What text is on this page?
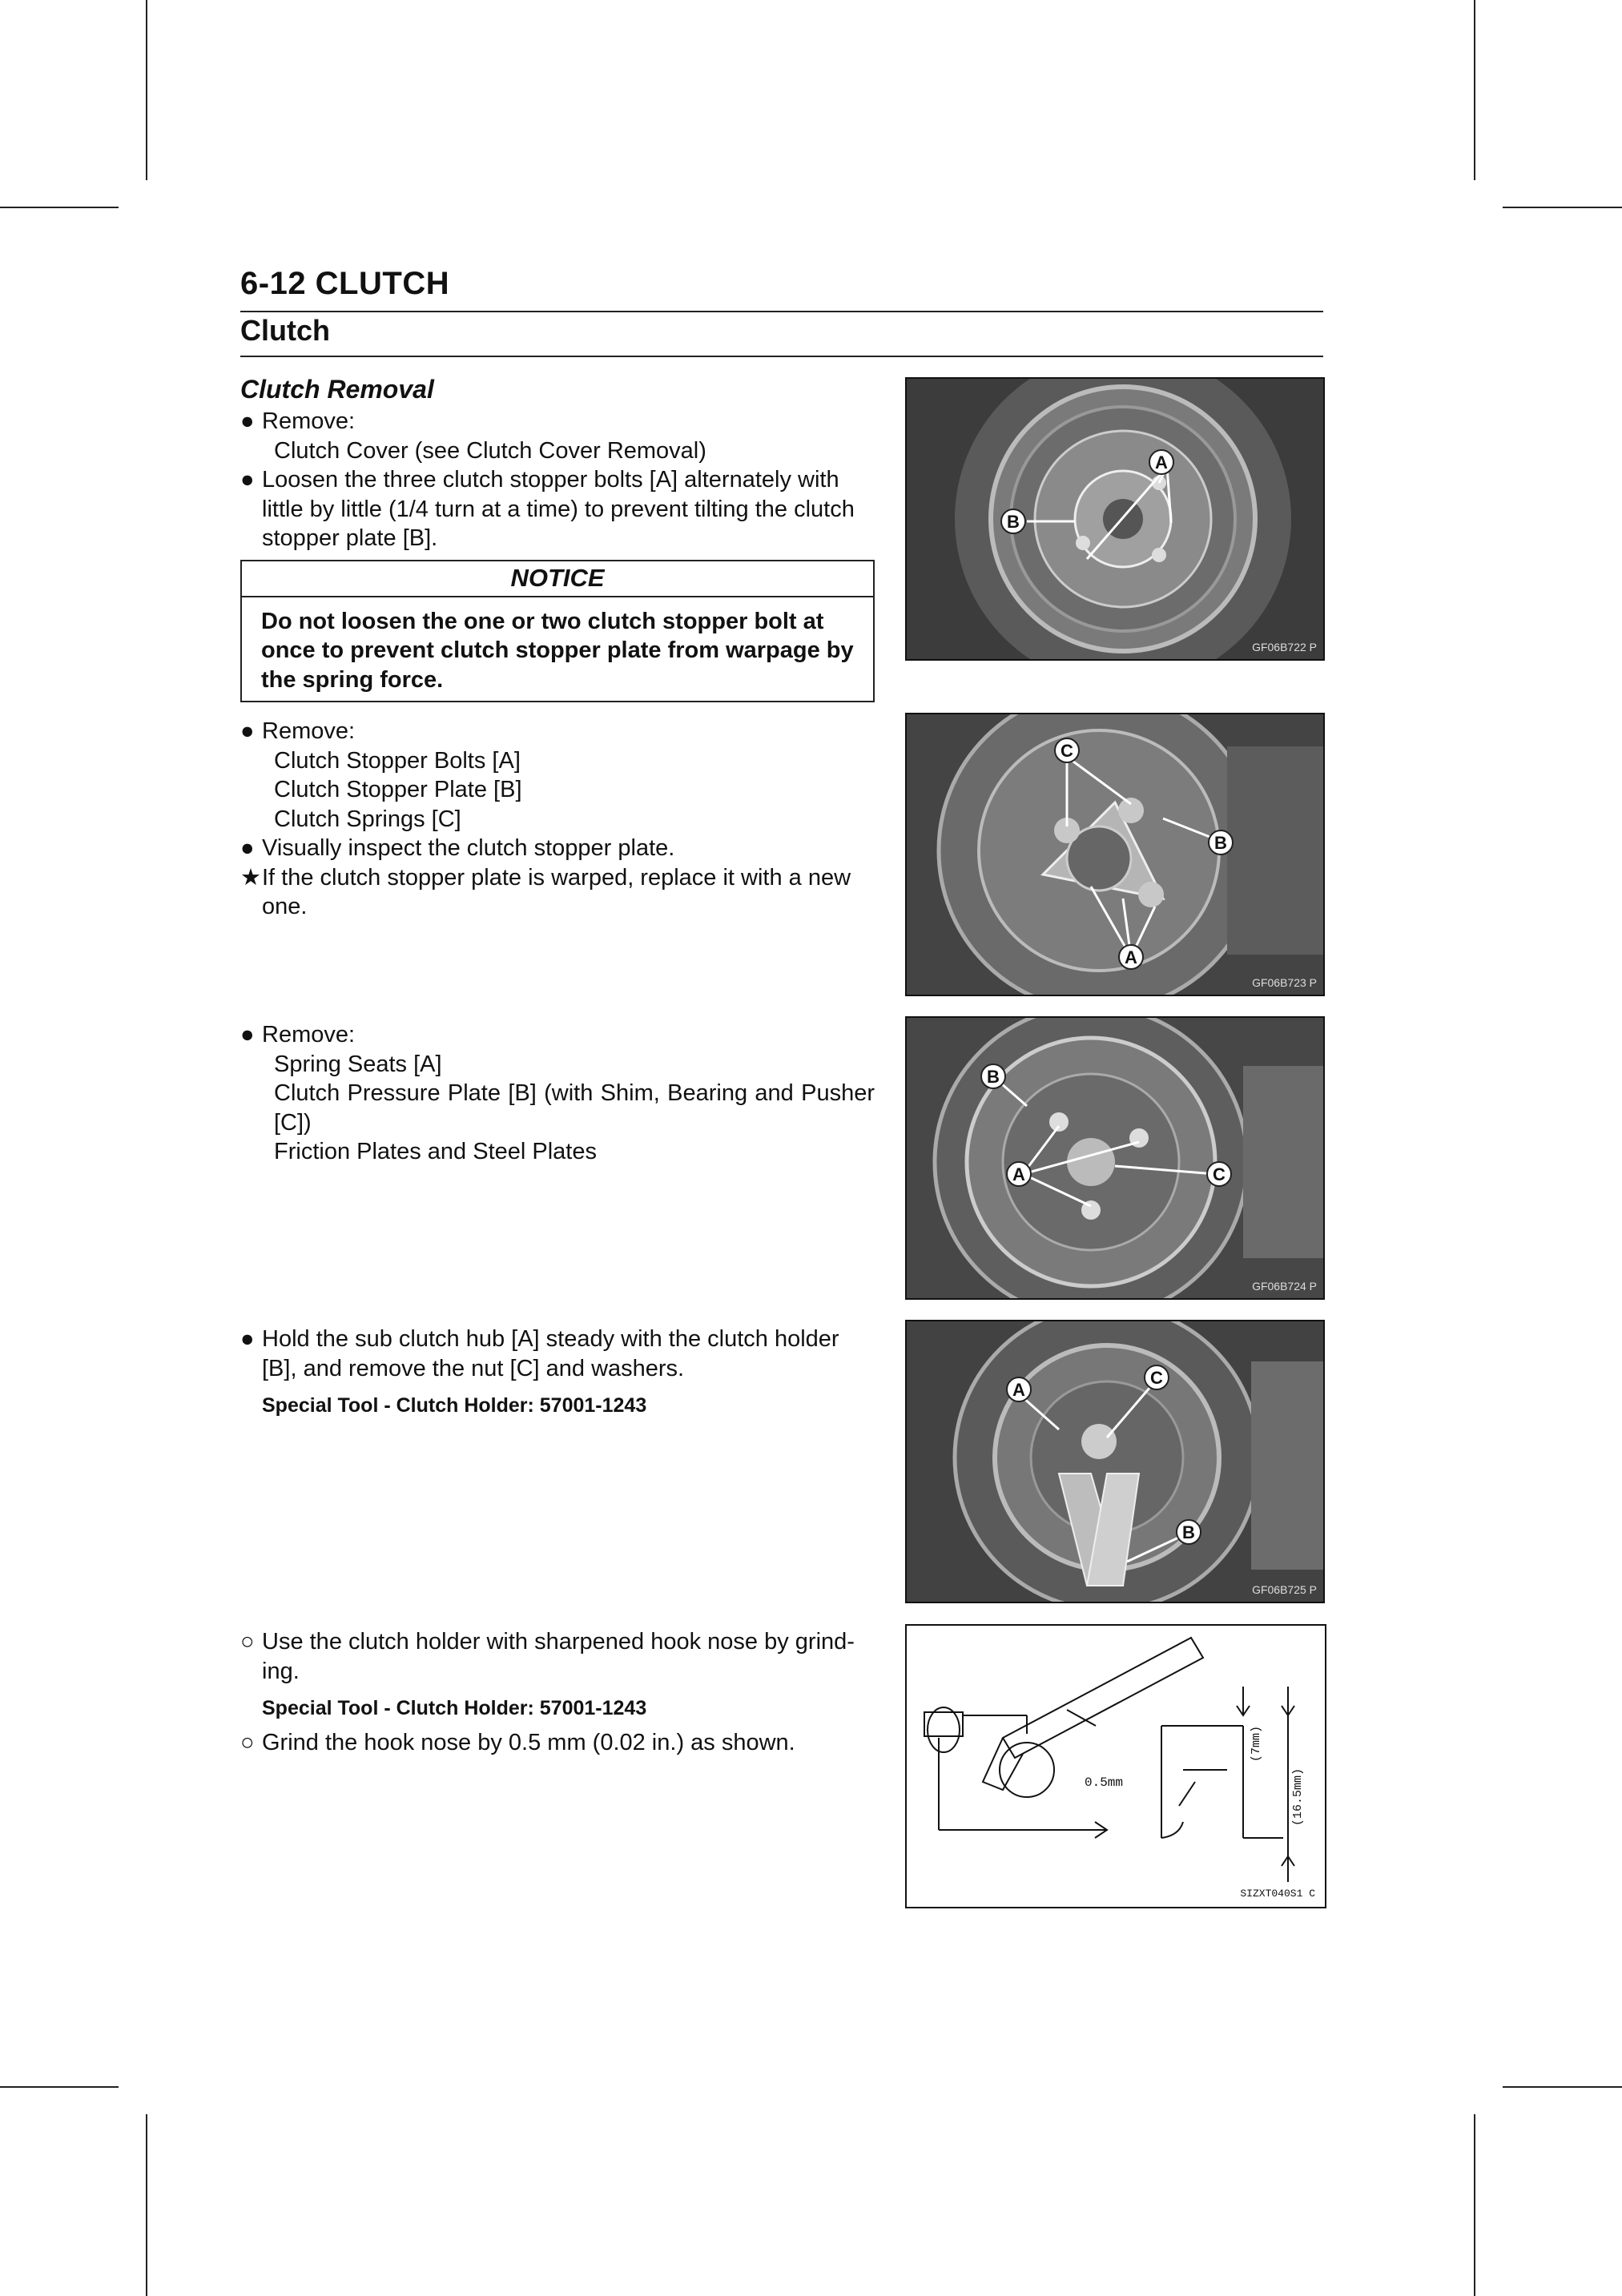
6-12 CLUTCH
Clutch
Clutch Removal
● Remove:
Clutch Cover (see Clutch Cover Removal)
● Loosen the three clutch stopper bolts [A] alternately with little by little (1/4 turn at a time) to prevent tilting the clutch stopper plate [B].
NOTICE
Do not loosen the one or two clutch stopper bolt at once to prevent clutch stopper plate from warpage by the spring force.
● Remove:
Clutch Stopper Bolts [A]
Clutch Stopper Plate [B]
Clutch Springs [C]
● Visually inspect the clutch stopper plate.
★ If the clutch stopper plate is warped, replace it with a new one.
● Remove:
Spring Seats [A]
Clutch Pressure Plate [B] (with Shim, Bearing and Pusher [C])
Friction Plates and Steel Plates
● Hold the sub clutch hub [A] steady with the clutch holder [B], and remove the nut [C] and washers.
Special Tool - Clutch Holder: 57001-1243
○ Use the clutch holder with sharpened hook nose by grind-ing.
Special Tool - Clutch Holder: 57001-1243
○ Grind the hook nose by 0.5 mm (0.02 in.) as shown.
A
B
GF06B722 P
C
B
A
GF06B723 P
B
A	C
GF06B724 P
A
C
B
GF06B725 P
0.5mm
(7mm)
(16.5mm)
SIZXT040S1 C
